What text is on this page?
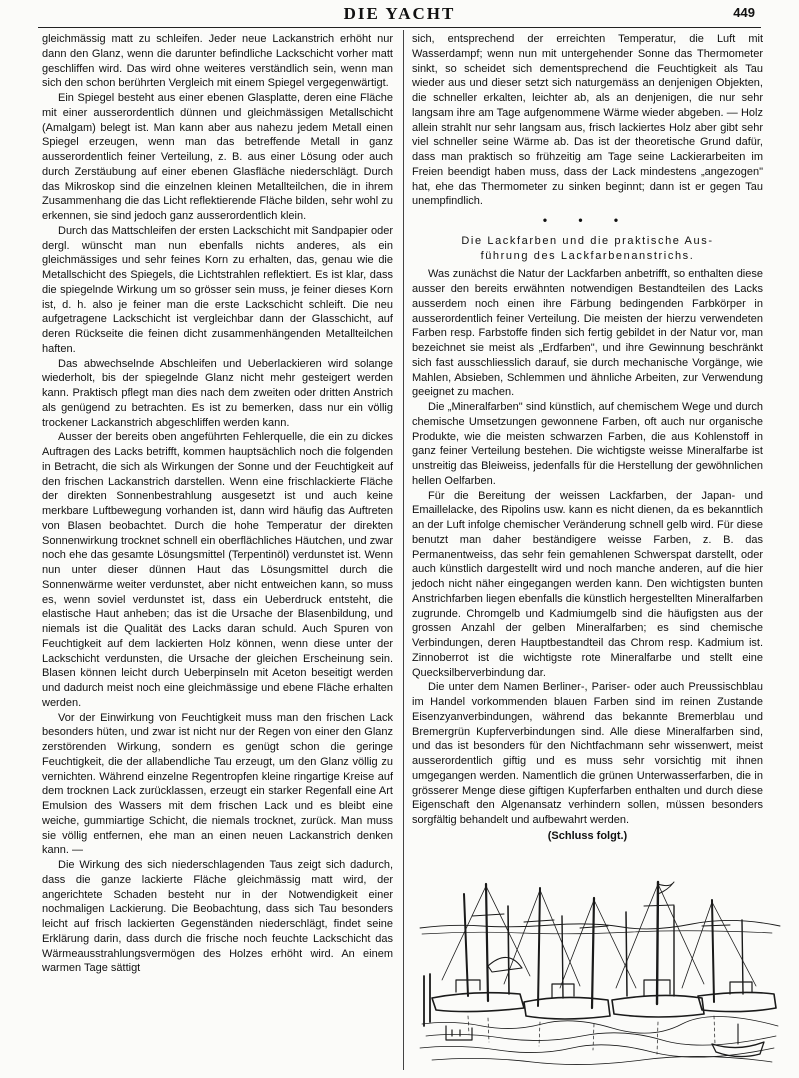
DIE YACHT	449

gleichmässig matt zu schleifen. Jeder neue Lackanstrich erhöht nur dann den Glanz, wenn die darunter befindliche Lackschicht vorher matt geschliffen wird. Das wird ohne weiteres verständlich sein, wenn man sich den schon berührten Vergleich mit einem Spiegel vergegenwärtigt.

Ein Spiegel besteht aus einer ebenen Glasplatte, deren eine Fläche mit einer ausserordentlich dünnen und gleichmässigen Metallschicht (Amalgam) belegt ist. Man kann aber aus nahezu jedem Metall einen Spiegel erzeugen, wenn man das betreffende Metall in ganz ausserordentlich feiner Verteilung, z. B. aus einer Lösung oder auch durch Zerstäubung auf einer ebenen Glasfläche niederschlägt. Durch das Mikroskop sind die einzelnen kleinen Metallteilchen, die in ihrem Zusammenhang die das Licht reflektierende Fläche bilden, sehr wohl zu erkennen, sie sind jedoch ganz ausserordentlich klein.

Durch das Mattschleifen der ersten Lackschicht mit Sandpapier oder dergl. wünscht man nun ebenfalls nichts anderes, als ein gleichmässiges und sehr feines Korn zu erhalten, das, genau wie die Metallschicht des Spiegels, die Lichtstrahlen reflektiert. Es ist klar, dass die spiegelnde Wirkung um so grösser sein muss, je feiner dieses Korn ist, d. h. also je feiner man die erste Lackschicht schleift. Die neu aufgetragene Lackschicht ist vergleichbar dann der Glasschicht, auf deren Rückseite die feinen dicht zusammenhängenden Metallteilchen haften.

Das abwechselnde Abschleifen und Ueberlackieren wird solange wiederholt, bis der spiegelnde Glanz nicht mehr gesteigert werden kann. Praktisch pflegt man dies nach dem zweiten oder dritten Anstrich als genügend zu betrachten. Es ist zu bemerken, dass nur ein völlig trockener Lackanstrich abgeschliffen werden kann.

Ausser der bereits oben angeführten Fehlerquelle, die ein zu dickes Auftragen des Lacks betrifft, kommen hauptsächlich noch die folgenden in Betracht, die sich als Wirkungen der Sonne und der Feuchtigkeit auf den frischen Lackanstrich darstellen. Wenn eine frischlackierte Fläche der direkten Sonnenbestrahlung ausgesetzt ist und auch keine merkbare Luftbewegung vorhanden ist, dann wird häufig das Auftreten von Blasen beobachtet. Durch die hohe Temperatur der direkten Sonnenwirkung trocknet schnell ein oberflächliches Häutchen, und zwar noch ehe das gesamte Lösungsmittel (Terpentinöl) verdunstet ist. Wenn nun unter dieser dünnen Haut das Lösungsmittel durch die Sonnenwärme weiter verdunstet, aber nicht entweichen kann, so muss es, wenn soviel verdunstet ist, dass ein Ueberdruck entsteht, die elastische Haut anheben; das ist die Ursache der Blasenbildung, und niemals ist die Qualität des Lacks daran schuld. Auch Spuren von Feuchtigkeit auf dem lackierten Holz können, wenn diese unter der Lackschicht verdunsten, die Ursache der gleichen Erscheinung sein. Blasen können leicht durch Ueberpinseln mit Aceton beseitigt werden und dadurch meist noch eine gleichmässige und ebene Fläche erhalten werden.

Vor der Einwirkung von Feuchtigkeit muss man den frischen Lack besonders hüten, und zwar ist nicht nur der Regen von einer den Glanz zerstörenden Wirkung, sondern es genügt schon die geringe Feuchtigkeit, die der allabendliche Tau erzeugt, um den Glanz völlig zu vernichten. Während einzelne Regentropfen kleine ringartige Kreise auf dem trocknen Lack zurücklassen, erzeugt ein starker Regenfall eine Art Emulsion des Wassers mit dem frischen Lack und es bleibt eine weiche, gummiartige Schicht, die niemals trocknet, zurück. Man muss sie völlig entfernen, ehe man an einen neuen Lackanstrich denken kann. —

Die Wirkung des sich niederschlagenden Taus zeigt sich dadurch, dass die ganze lackierte Fläche gleichmässig matt wird, der angerichtete Schaden besteht nur in der Notwendigkeit einer nochmaligen Lackierung. Die Beobachtung, dass sich Tau besonders leicht auf frisch lackierten Gegenständen niederschlägt, findet seine Erklärung darin, dass durch die frische noch feuchte Lackschicht das Wärmeausstrahlungsvermögen des Holzes erhöht wird. An einem warmen Tage sättigt

sich, entsprechend der erreichten Temperatur, die Luft mit Wasserdampf; wenn nun mit untergehender Sonne das Thermometer sinkt, so scheidet sich dementsprechend die Feuchtigkeit als Tau wieder aus und dieser setzt sich naturgemäss an denjenigen Objekten, die schneller erkalten, leichter ab, als an denjenigen, die nur sehr langsam ihre am Tage aufgenommene Wärme wieder abgeben. — Holz allein strahlt nur sehr langsam aus, frisch lackiertes Holz aber gibt sehr viel schneller seine Wärme ab. Das ist der theoretische Grund dafür, dass man praktisch so frühzeitig am Tage seine Lackierarbeiten im Freien beendigt haben muss, dass der Lack mindestens „angezogen" hat, ehe das Thermometer zu sinken beginnt; dann ist er gegen Tau unempfindlich.

• • •
Die Lackfarben und die praktische Aus-
führung des Lackfarbenanstrichs.

Was zunächst die Natur der Lackfarben anbetrifft, so enthalten diese ausser den bereits erwähnten notwendigen Bestandteilen des Lacks ausserdem noch einen ihre Färbung bedingenden Farbkörper in ausserordentlich feiner Verteilung. Die meisten der hierzu verwendeten Farben resp. Farbstoffe finden sich fertig gebildet in der Natur vor, man bezeichnet sie meist als „Erdfarben", und ihre Gewinnung beschränkt sich fast ausschliesslich darauf, sie durch mechanische Vorgänge, wie Mahlen, Absieben, Schlemmen und ähnliche Arbeiten, zur Verwendung geeignet zu machen.

Die „Mineralfarben" sind künstlich, auf chemischem Wege und durch chemische Umsetzungen gewonnene Farben, oft auch nur organische Produkte, wie die meisten schwarzen Farben, die aus Kohlenstoff in ganz feiner Verteilung bestehen. Die wichtigste weisse Mineralfarbe ist unstreitig das Bleiweiss, jedenfalls für die Herstellung der gewöhnlichen hellen Oelfarben.

Für die Bereitung der weissen Lackfarben, der Japan- und Emaillelacke, des Ripolins usw. kann es nicht dienen, da es bekanntlich an der Luft infolge chemischer Veränderung schnell gelb wird. Für diese benutzt man daher beständigere weisse Farben, z. B. das Permanentweiss, das sehr fein gemahlenen Schwerspat darstellt, oder auch künstlich dargestellt wird und noch manche anderen, auf die hier jedoch nicht näher eingegangen werden kann. Den wichtigsten bunten Anstrichfarben liegen ebenfalls die künstlich hergestellten Mineralfarben zugrunde. Chromgelb und Kadmiumgelb sind die häufigsten aus der grossen Anzahl der gelben Mineralfarben; es sind chemische Verbindungen, deren Hauptbestandteil das Chrom resp. Kadmium ist. Zinnoberrot ist die wichtigste rote Mineralfarbe und stellt eine Quecksilberverbindung dar.

Die unter dem Namen Berliner-, Pariser- oder auch Preussischblau im Handel vorkommenden blauen Farben sind im reinen Zustande Eisenzyanverbindungen, während das bekannte Bremerblau und Bremergrün Kupferverbindungen sind. Alle diese Mineralfarben sind, und das ist besonders für den Nichtfachmann sehr wissenwert, meist ausserordentlich giftig und es muss sehr vorsichtig mit ihnen umgegangen werden. Namentlich die grünen Unterwasserfarben, die in grösserer Menge diese giftigen Kupferfarben enthalten und durch diese Eigenschaft den Algenansatz verhindern sollen, müssen besonders sorgfältig behandelt und aufbewahrt werden.

(Schluss folgt.)
